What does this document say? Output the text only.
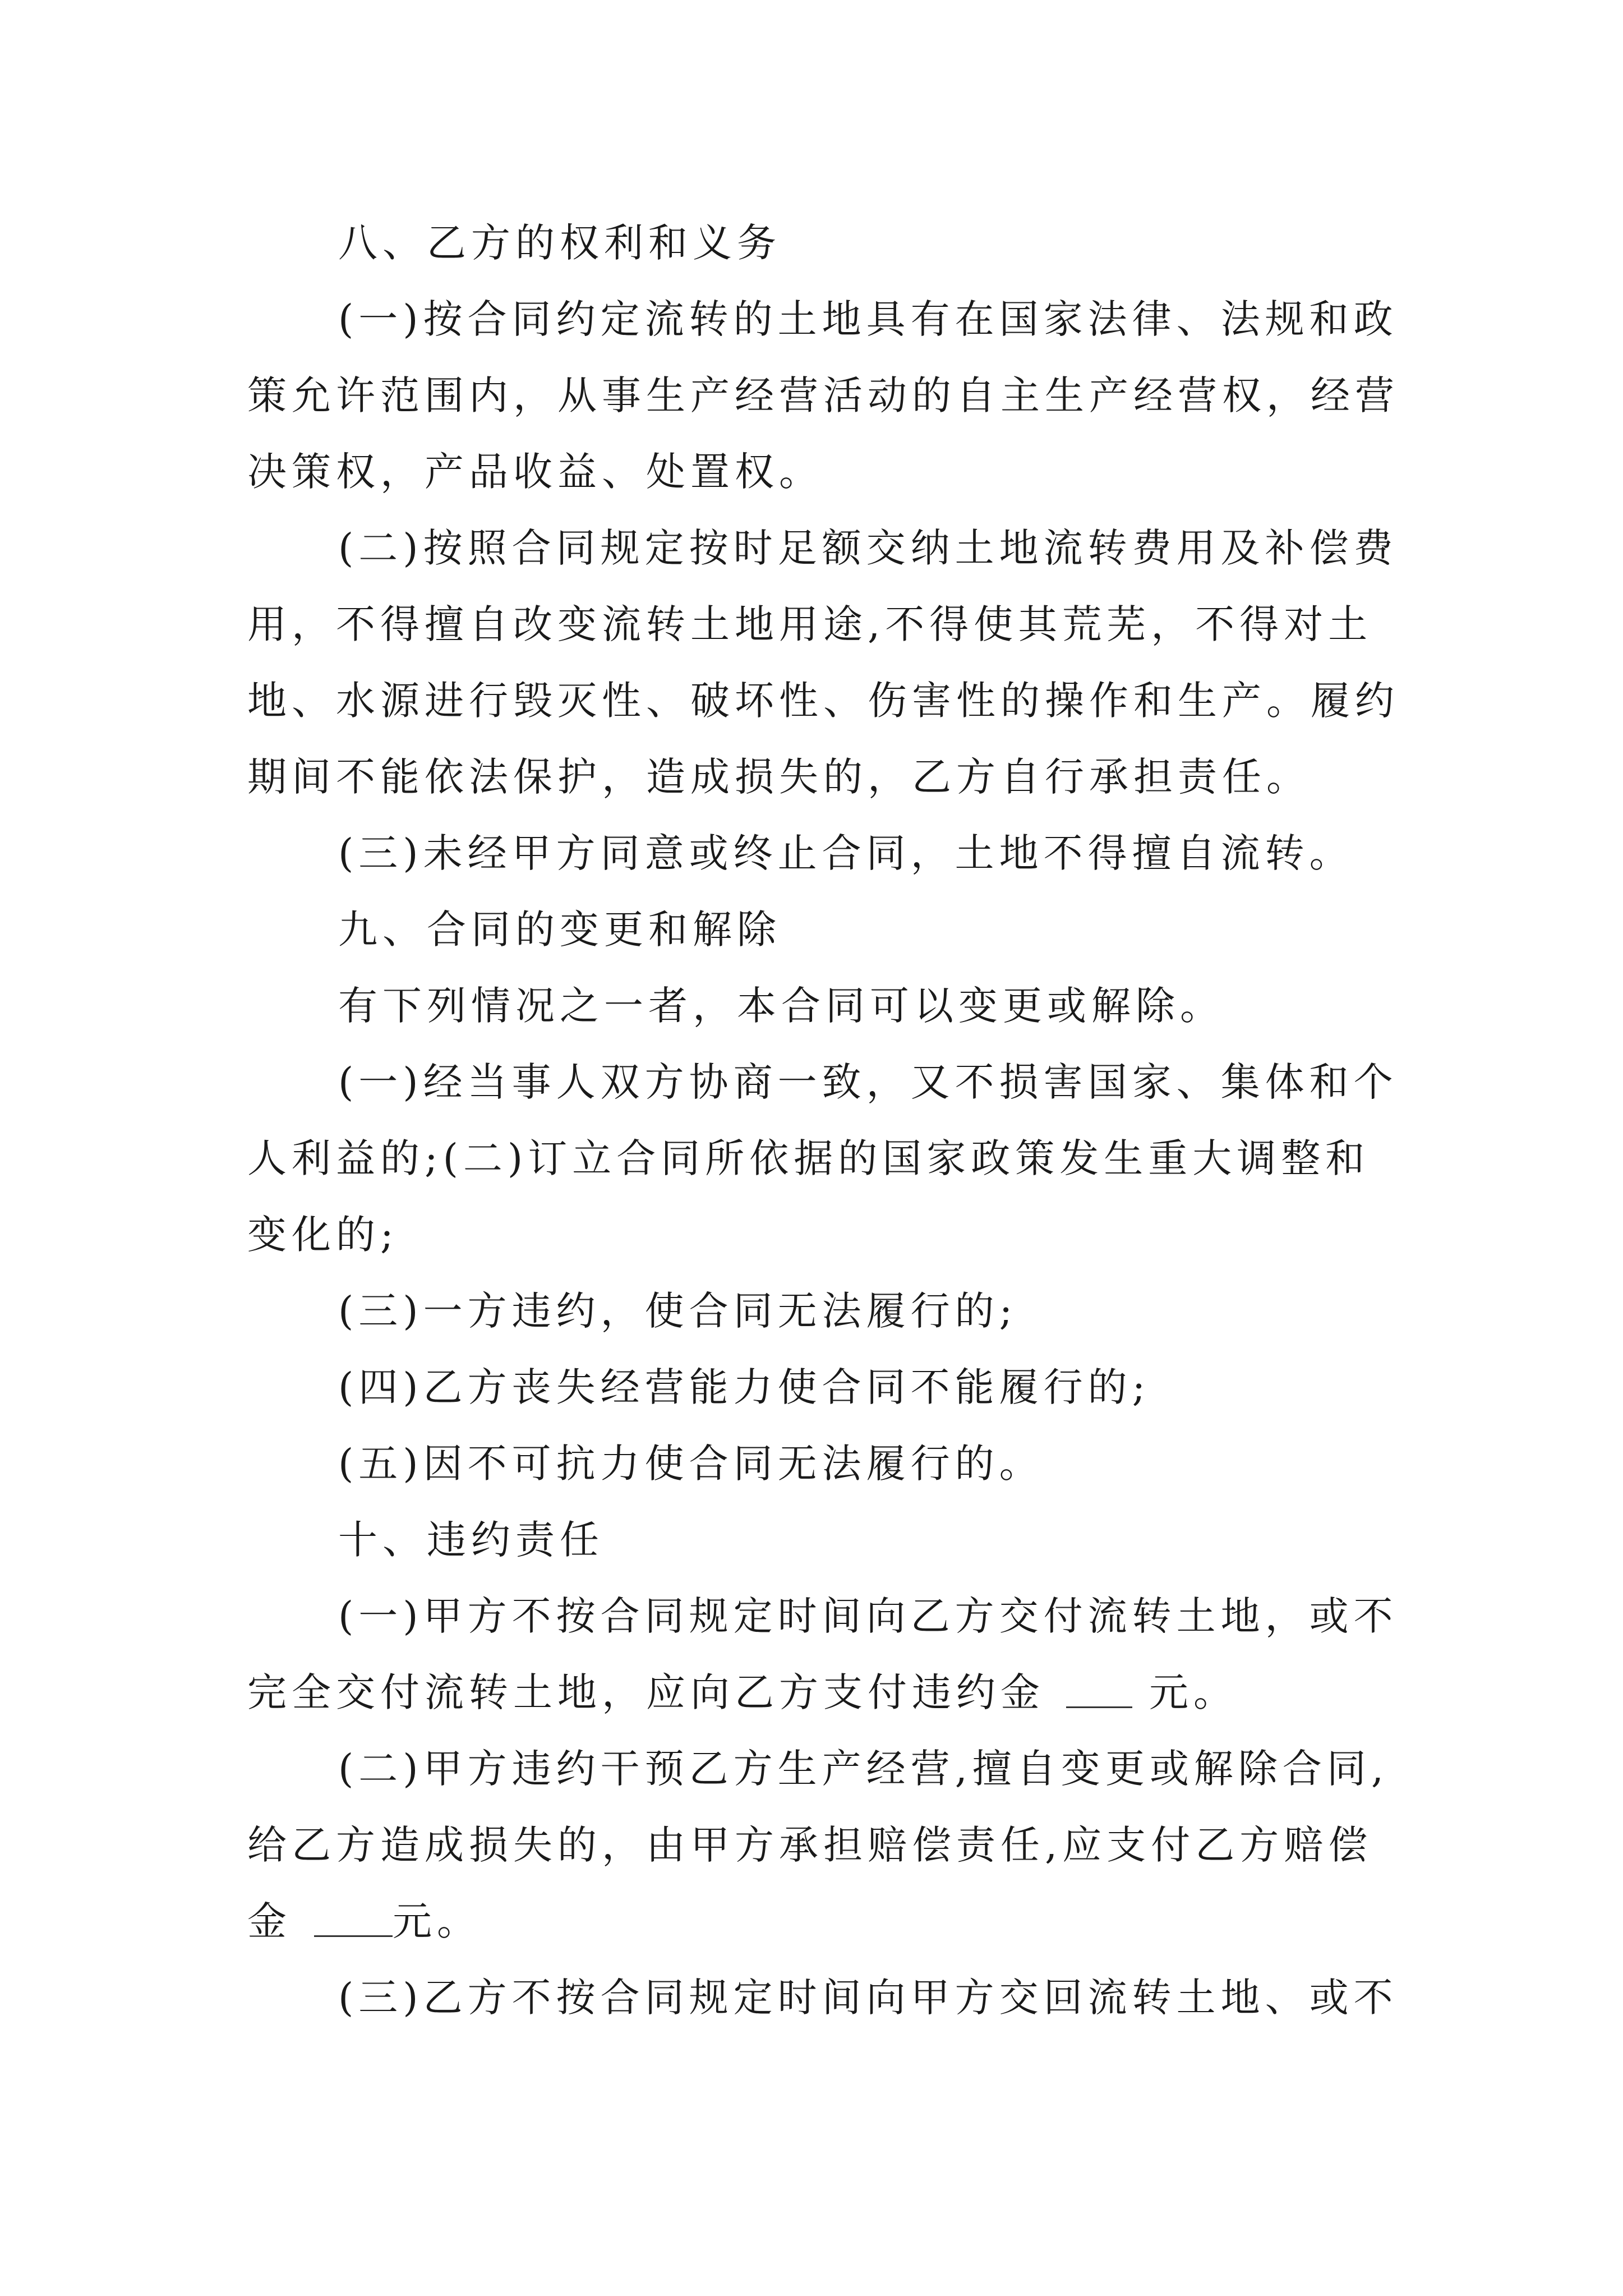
八、乙方的权利和义务
(一)按合同约定流转的土地具有在国家法律、法规和政
策允许范围内，从事生产经营活动的自主生产经营权，经营
决策权，产品收益、处置权。
(二)按照合同规定按时足额交纳土地流转费用及补偿费
用，不得擅自改变流转土地用途,不得使其荒芜，不得对土
地、水源进行毁灭性、破坏性、伤害性的操作和生产。履约
期间不能依法保护，造成损失的，乙方自行承担责任。
(三)未经甲方同意或终止合同，土地不得擅自流转。
九、合同的变更和解除
有下列情况之一者，本合同可以变更或解除。
(一)经当事人双方协商一致，又不损害国家、集体和个
人利益的;(二)订立合同所依据的国家政策发生重大调整和
变化的;
(三)一方违约，使合同无法履行的;
(四)乙方丧失经营能力使合同不能履行的;
(五)因不可抗力使合同无法履行的。
十、违约责任
(一)甲方不按合同规定时间向乙方交付流转土地，或不
完全交付流转土地，应向乙方支付违约金	元。
(二)甲方违约干预乙方生产经营,擅自变更或解除合同,
给乙方造成损失的，由甲方承担赔偿责任,应支付乙方赔偿
金	元。
(三)乙方不按合同规定时间向甲方交回流转土地、或不
